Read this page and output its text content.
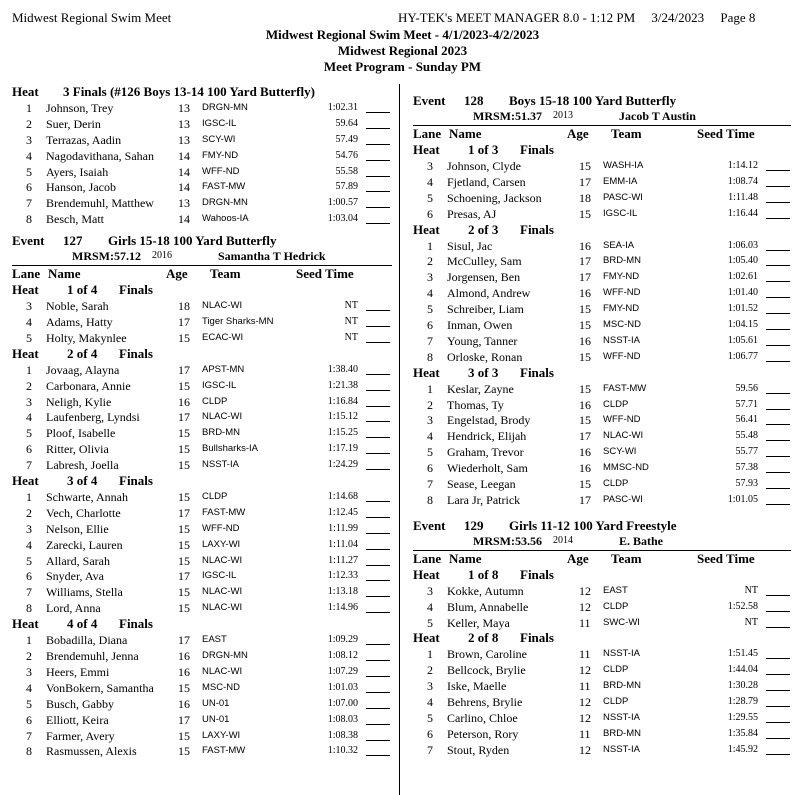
Midwest Regional Swim Meet	HY-TEK's MEET MANAGER 8.0 - 1:12 PM     3/24/2023     Page 8
Midwest Regional Swim Meet - 4/1/2023-4/2/2023
Midwest Regional 2023
Meet Program - Sunday PM
Heat 3 Finals (#126 Boys 13-14 100 Yard Butterfly)
1 Johnson, Trey	13 DRGN-MN	1:02.31
2 Suer, Derin	13 IGSC-IL	59.64
3 Terrazas, Aadin	13 SCY-WI	57.49
4 Nagodavithana, Sahan 14 FMY-ND	54.76
5 Ayers, Isaiah	14 WFF-ND	55.58
6 Hanson, Jacob	14 FAST-MW	57.89
7 Brendemuhl, Matthew 13 DRGN-MN	1:00.57
8 Besch, Matt	14 Wahoos-IA	1:03.04
Event 127 Girls 15-18 100 Yard Butterfly
MRSM: 57.12 2016	Samantha T Hedrick
Lane Name	Age Team	Seed Time
Heat 1 of 4 Finals
3 Noble, Sarah	18 NLAC-WI	NT
4 Adams, Hatty	17 Tiger Sharks-MN	NT
5 Holty, Makynlee	15 ECAC-WI	NT
Heat 2 of 4 Finals
1 Jovaag, Alayna	17 APST-MN	1:38.40
2 Carbonara, Annie	15 IGSC-IL	1:21.38
3 Neligh, Kylie	16 CLDP	1:16.84
4 Laufenberg, Lyndsi	17 NLAC-WI	1:15.12
5 Ploof, Isabelle	15 BRD-MN	1:15.25
6 Ritter, Olivia	15 Bullsharks-IA	1:17.19
7 Labresh, Joella	15 NSST-IA	1:24.29
Heat 3 of 4 Finals
1 Schwarte, Annah	15 CLDP	1:14.68
2 Vech, Charlotte	17 FAST-MW	1:12.45
3 Nelson, Ellie	15 WFF-ND	1:11.99
4 Zarecki, Lauren	15 LAXY-WI	1:11.04
5 Allard, Sarah	15 NLAC-WI	1:11.27
6 Snyder, Ava	17 IGSC-IL	1:12.33
7 Williams, Stella	15 NLAC-WI	1:13.18
8 Lord, Anna	15 NLAC-WI	1:14.96
Heat 4 of 4 Finals
1 Bobadilla, Diana	17 EAST	1:09.29
2 Brendemuhl, Jenna	16 DRGN-MN	1:08.12
3 Heers, Emmi	16 NLAC-WI	1:07.29
4 VonBokern, Samantha 15 MSC-ND	1:01.03
5 Busch, Gabby	16 UN-01	1:07.00
6 Elliott, Keira	17 UN-01	1:08.03
7 Farmer, Avery	15 LAXY-WI	1:08.38
8 Rasmussen, Alexis	15 FAST-MW	1:10.32
Event 128 Boys 15-18 100 Yard Butterfly
MRSM: 51.37 2013	Jacob T Austin
Lane Name	Age Team	Seed Time
Heat 1 of 3 Finals
3 Johnson, Clyde	15 WASH-IA	1:14.12
4 Fjetland, Carsen	17 EMM-IA	1:08.74
5 Schoening, Jackson	18 PASC-WI	1:11.48
6 Presas, AJ	15 IGSC-IL	1:16.44
Heat 2 of 3 Finals
1 Sisul, Jac	16 SEA-IA	1:06.03
2 McCulley, Sam	17 BRD-MN	1:05.40
3 Jorgensen, Ben	17 FMY-ND	1:02.61
4 Almond, Andrew	16 WFF-ND	1:01.40
5 Schreiber, Liam	15 FMY-ND	1:01.52
6 Inman, Owen	15 MSC-ND	1:04.15
7 Young, Tanner	16 NSST-IA	1:05.61
8 Orloske, Ronan	15 WFF-ND	1:06.77
Heat 3 of 3 Finals
1 Keslar, Zayne	15 FAST-MW	59.56
2 Thomas, Ty	16 CLDP	57.71
3 Engelstad, Brody	15 WFF-ND	56.41
4 Hendrick, Elijah	17 NLAC-WI	55.48
5 Graham, Trevor	16 SCY-WI	55.77
6 Wiederholt, Sam	16 MMSC-ND	57.38
7 Sease, Leegan	15 CLDP	57.93
8 Lara Jr, Patrick	17 PASC-WI	1:01.05
Event 129 Girls 11-12 100 Yard Freestyle
MRSM: 53.56 2014	E. Bathe
Lane Name	Age Team	Seed Time
Heat 1 of 8 Finals
3 Kokke, Autumn	12 EAST	NT
4 Blum, Annabelle	12 CLDP	1:52.58
5 Keller, Maya	11 SWC-WI	NT
Heat 2 of 8 Finals
1 Brown, Caroline	11 NSST-IA	1:51.45
2 Bellcock, Brylie	12 CLDP	1:44.04
3 Iske, Maelle	11 BRD-MN	1:30.28
4 Behrens, Brylie	12 CLDP	1:28.79
5 Carlino, Chloe	12 NSST-IA	1:29.55
6 Peterson, Rory	11 BRD-MN	1:35.84
7 Stout, Ryden	12 NSST-IA	1:45.92
